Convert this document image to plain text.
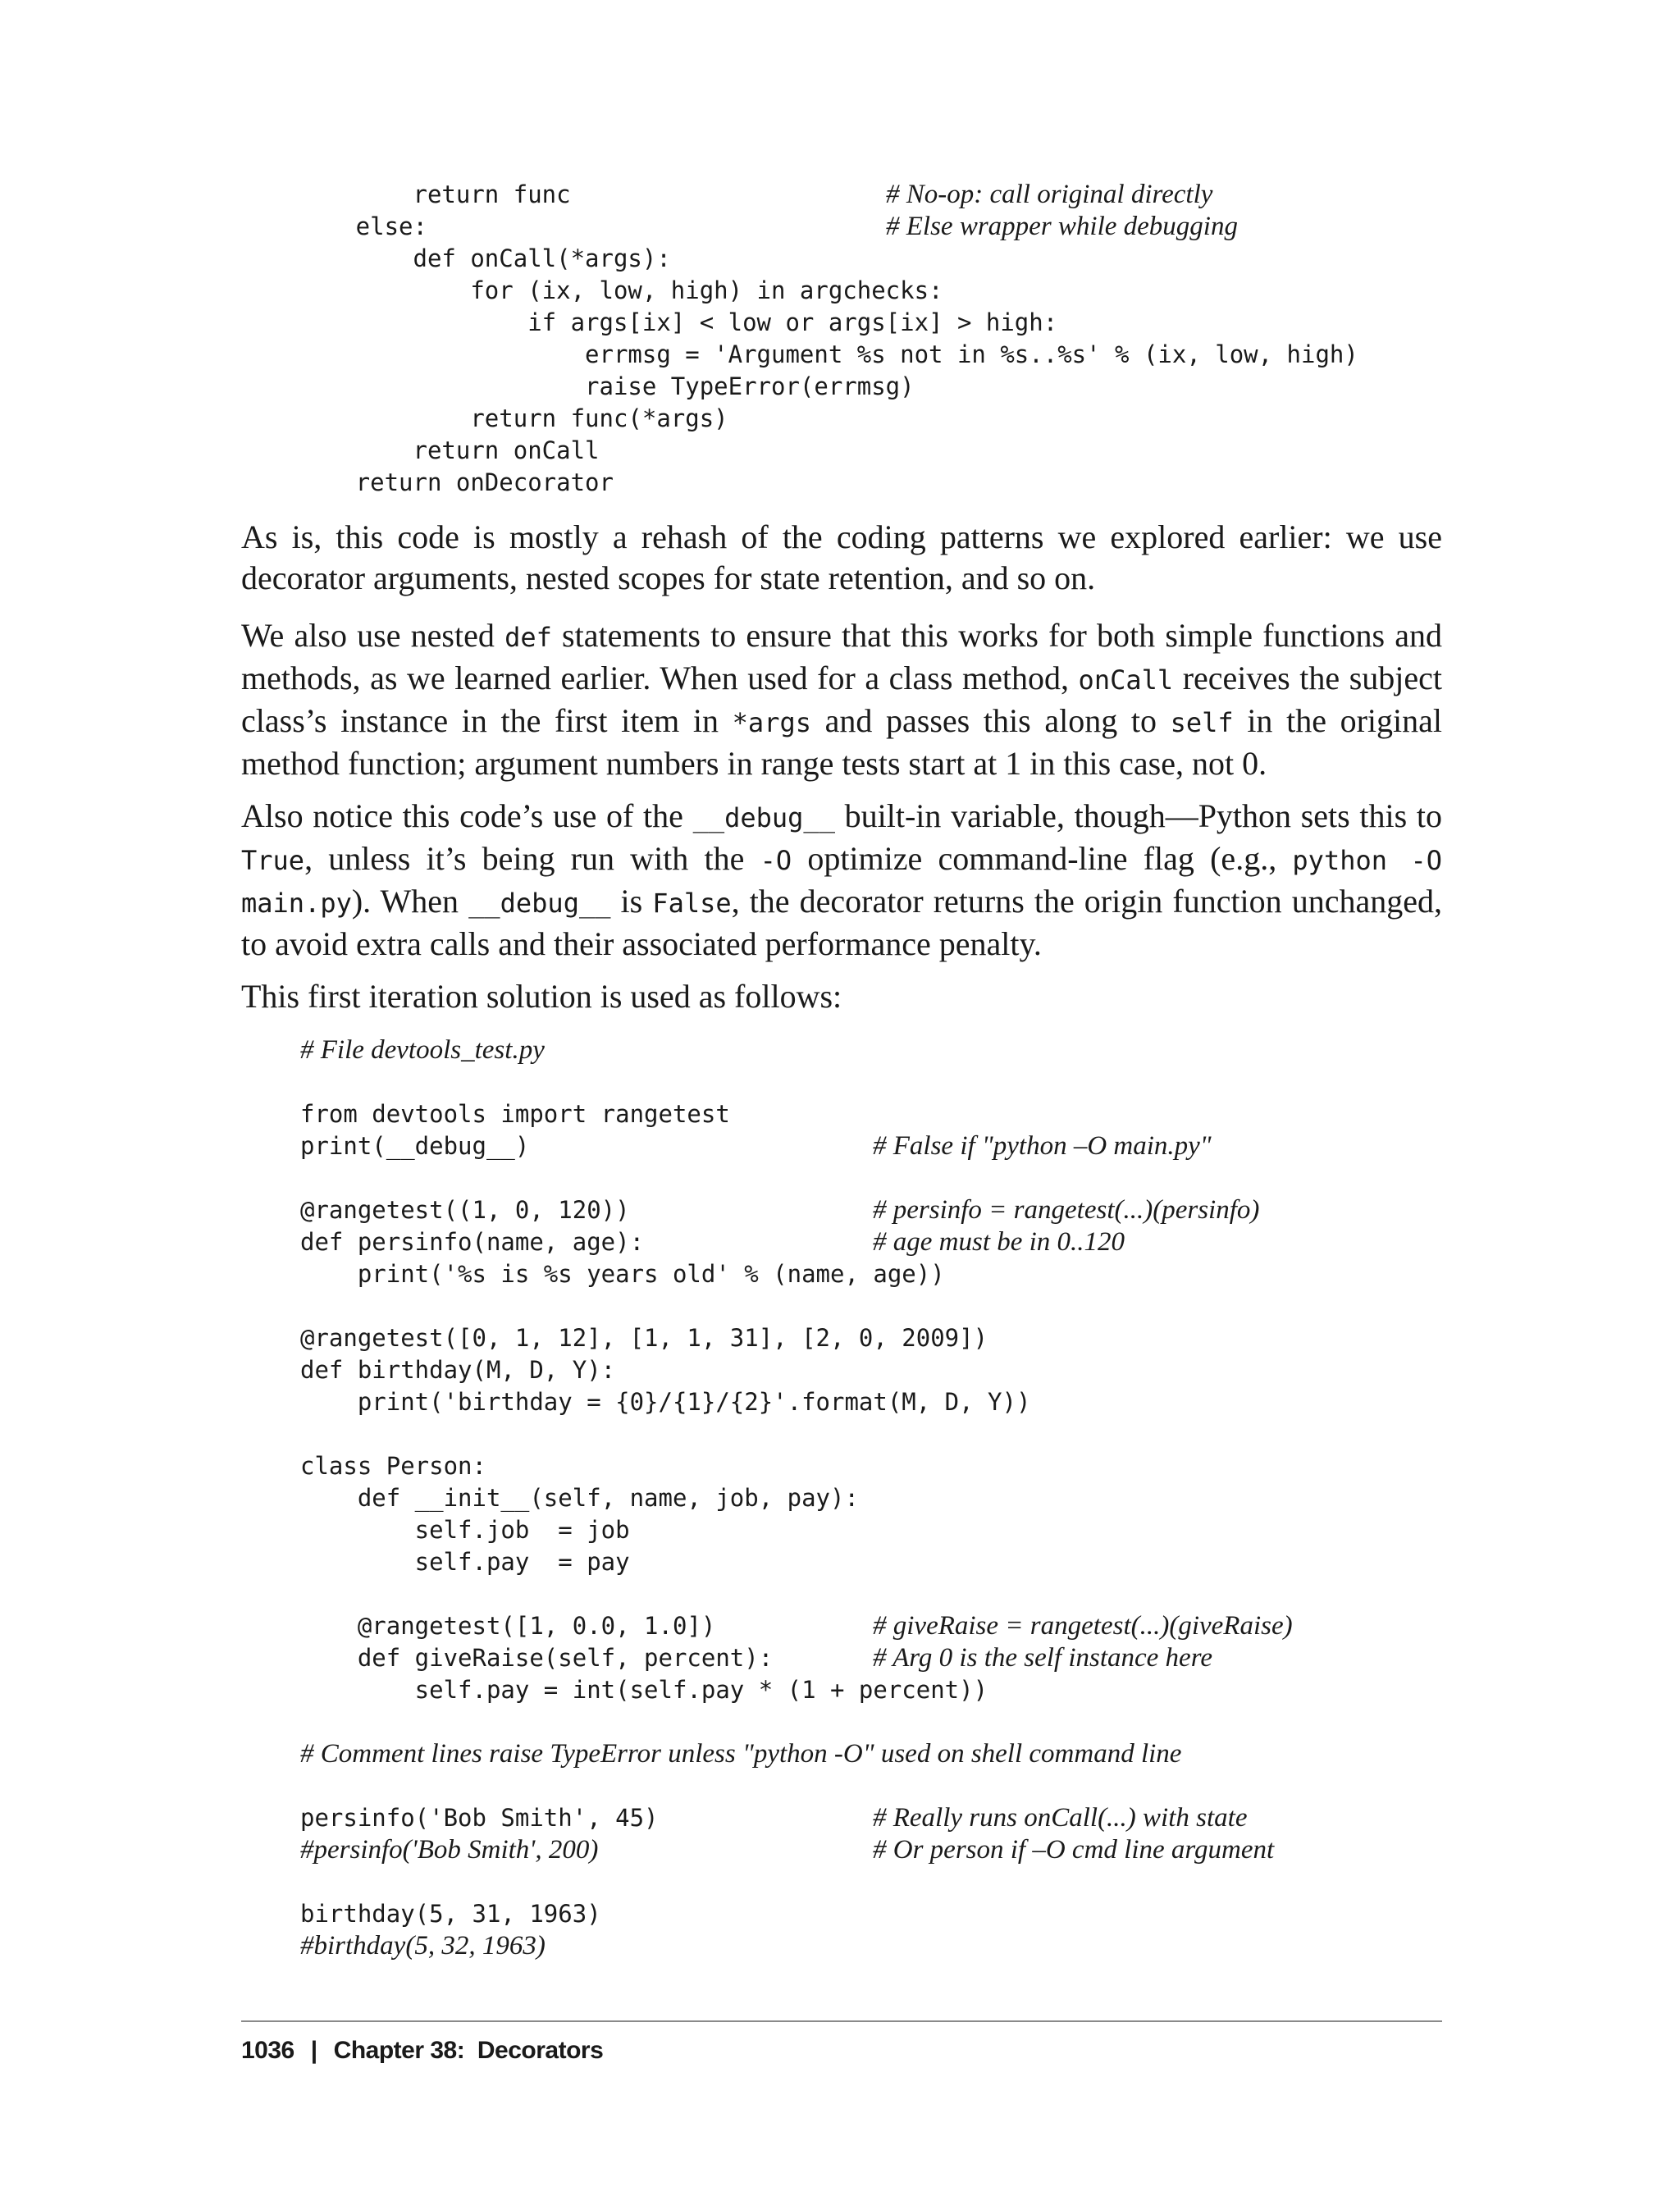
return func	# No-op: call original directly
else:	# Else wrapper while debugging
def onCall(*args):
for (ix, low, high) in argchecks:
if args[ix] < low or args[ix] > high:
errmsg = 'Argument %s not in %s..%s' % (ix, low, high)
raise TypeError(errmsg)
return func(*args)
return onCall
return onDecorator

As is, this code is mostly a rehash of the coding patterns we explored earlier: we use decorator arguments, nested scopes for state retention, and so on.

We also use nested def statements to ensure that this works for both simple functions and methods, as we learned earlier. When used for a class method, onCall receives the subject class’s instance in the first item in *args and passes this along to self in the original method function; argument numbers in range tests start at 1 in this case, not 0.

Also notice this code’s use of the __debug__ built-in variable, though—Python sets this to True, unless it’s being run with the -O optimize command-line flag (e.g., python -O main.py). When __debug__ is False, the decorator returns the origin function unchanged, to avoid extra calls and their associated performance penalty.

This first iteration solution is used as follows:

# File devtools_test.py
from devtools import rangetest
print(__debug__)	# False if "python –O main.py"
@rangetest((1, 0, 120))	# persinfo = rangetest(...)(persinfo)
def persinfo(name, age):	# age must be in 0..120
print('%s is %s years old' % (name, age))
@rangetest([0, 1, 12], [1, 1, 31], [2, 0, 2009])
def birthday(M, D, Y):
print('birthday = {0}/{1}/{2}'.format(M, D, Y))
class Person:
def __init__(self, name, job, pay):
self.job  = job
self.pay  = pay
@rangetest([1, 0.0, 1.0])	# giveRaise = rangetest(...)(giveRaise)
def giveRaise(self, percent):	# Arg 0 is the self instance here
self.pay = int(self.pay * (1 + percent))
# Comment lines raise TypeError unless "python -O" used on shell command line
persinfo('Bob Smith', 45)	# Really runs onCall(...) with state
#persinfo('Bob Smith', 200)	# Or person if –O cmd line argument
birthday(5, 31, 1963)
#birthday(5, 32, 1963)
1036 | Chapter 38:  Decorators
